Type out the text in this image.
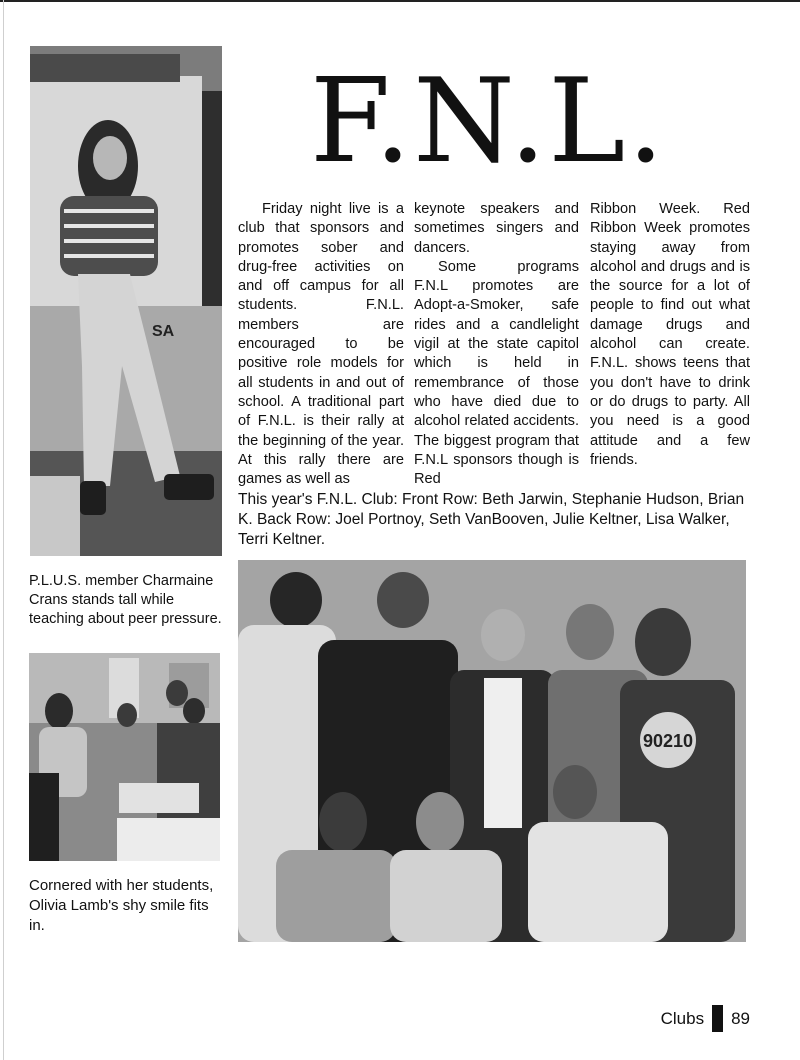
SA
F.N.L.

Friday night live is a club that sponsors and promotes sober and drug-free activities on and off campus for all students. F.N.L. members are encouraged to be positive role models for all students in and out of school. A traditional part of F.N.L. is their rally at the beginning of the year. At this rally there are games as well as

keynote speakers and sometimes singers and dancers.

Some programs F.N.L promotes are Adopt-a-Smoker, safe rides and a candlelight vigil at the state capitol which is held in remembrance of those who have died due to alcohol related accidents. The biggest program that F.N.L sponsors though is Red

Ribbon Week. Red Ribbon Week promotes staying away from alcohol and drugs and is the source for a lot of people to find out what damage drugs and alcohol can create. F.N.L. shows teens that you don't have to drink or do drugs to party. All you need is a good attitude and a few friends.

This year's F.N.L. Club: Front Row: Beth Jarwin, Stephanie Hudson, Brian K. Back Row: Joel Portnoy, Seth VanBooven, Julie Keltner, Lisa Walker, Terri Keltner.

P.L.U.S. member Charmaine Crans stands tall while teaching about peer pressure.

Cornered with her students, Olivia Lamb's shy smile fits in.

90210
Clubs 89
